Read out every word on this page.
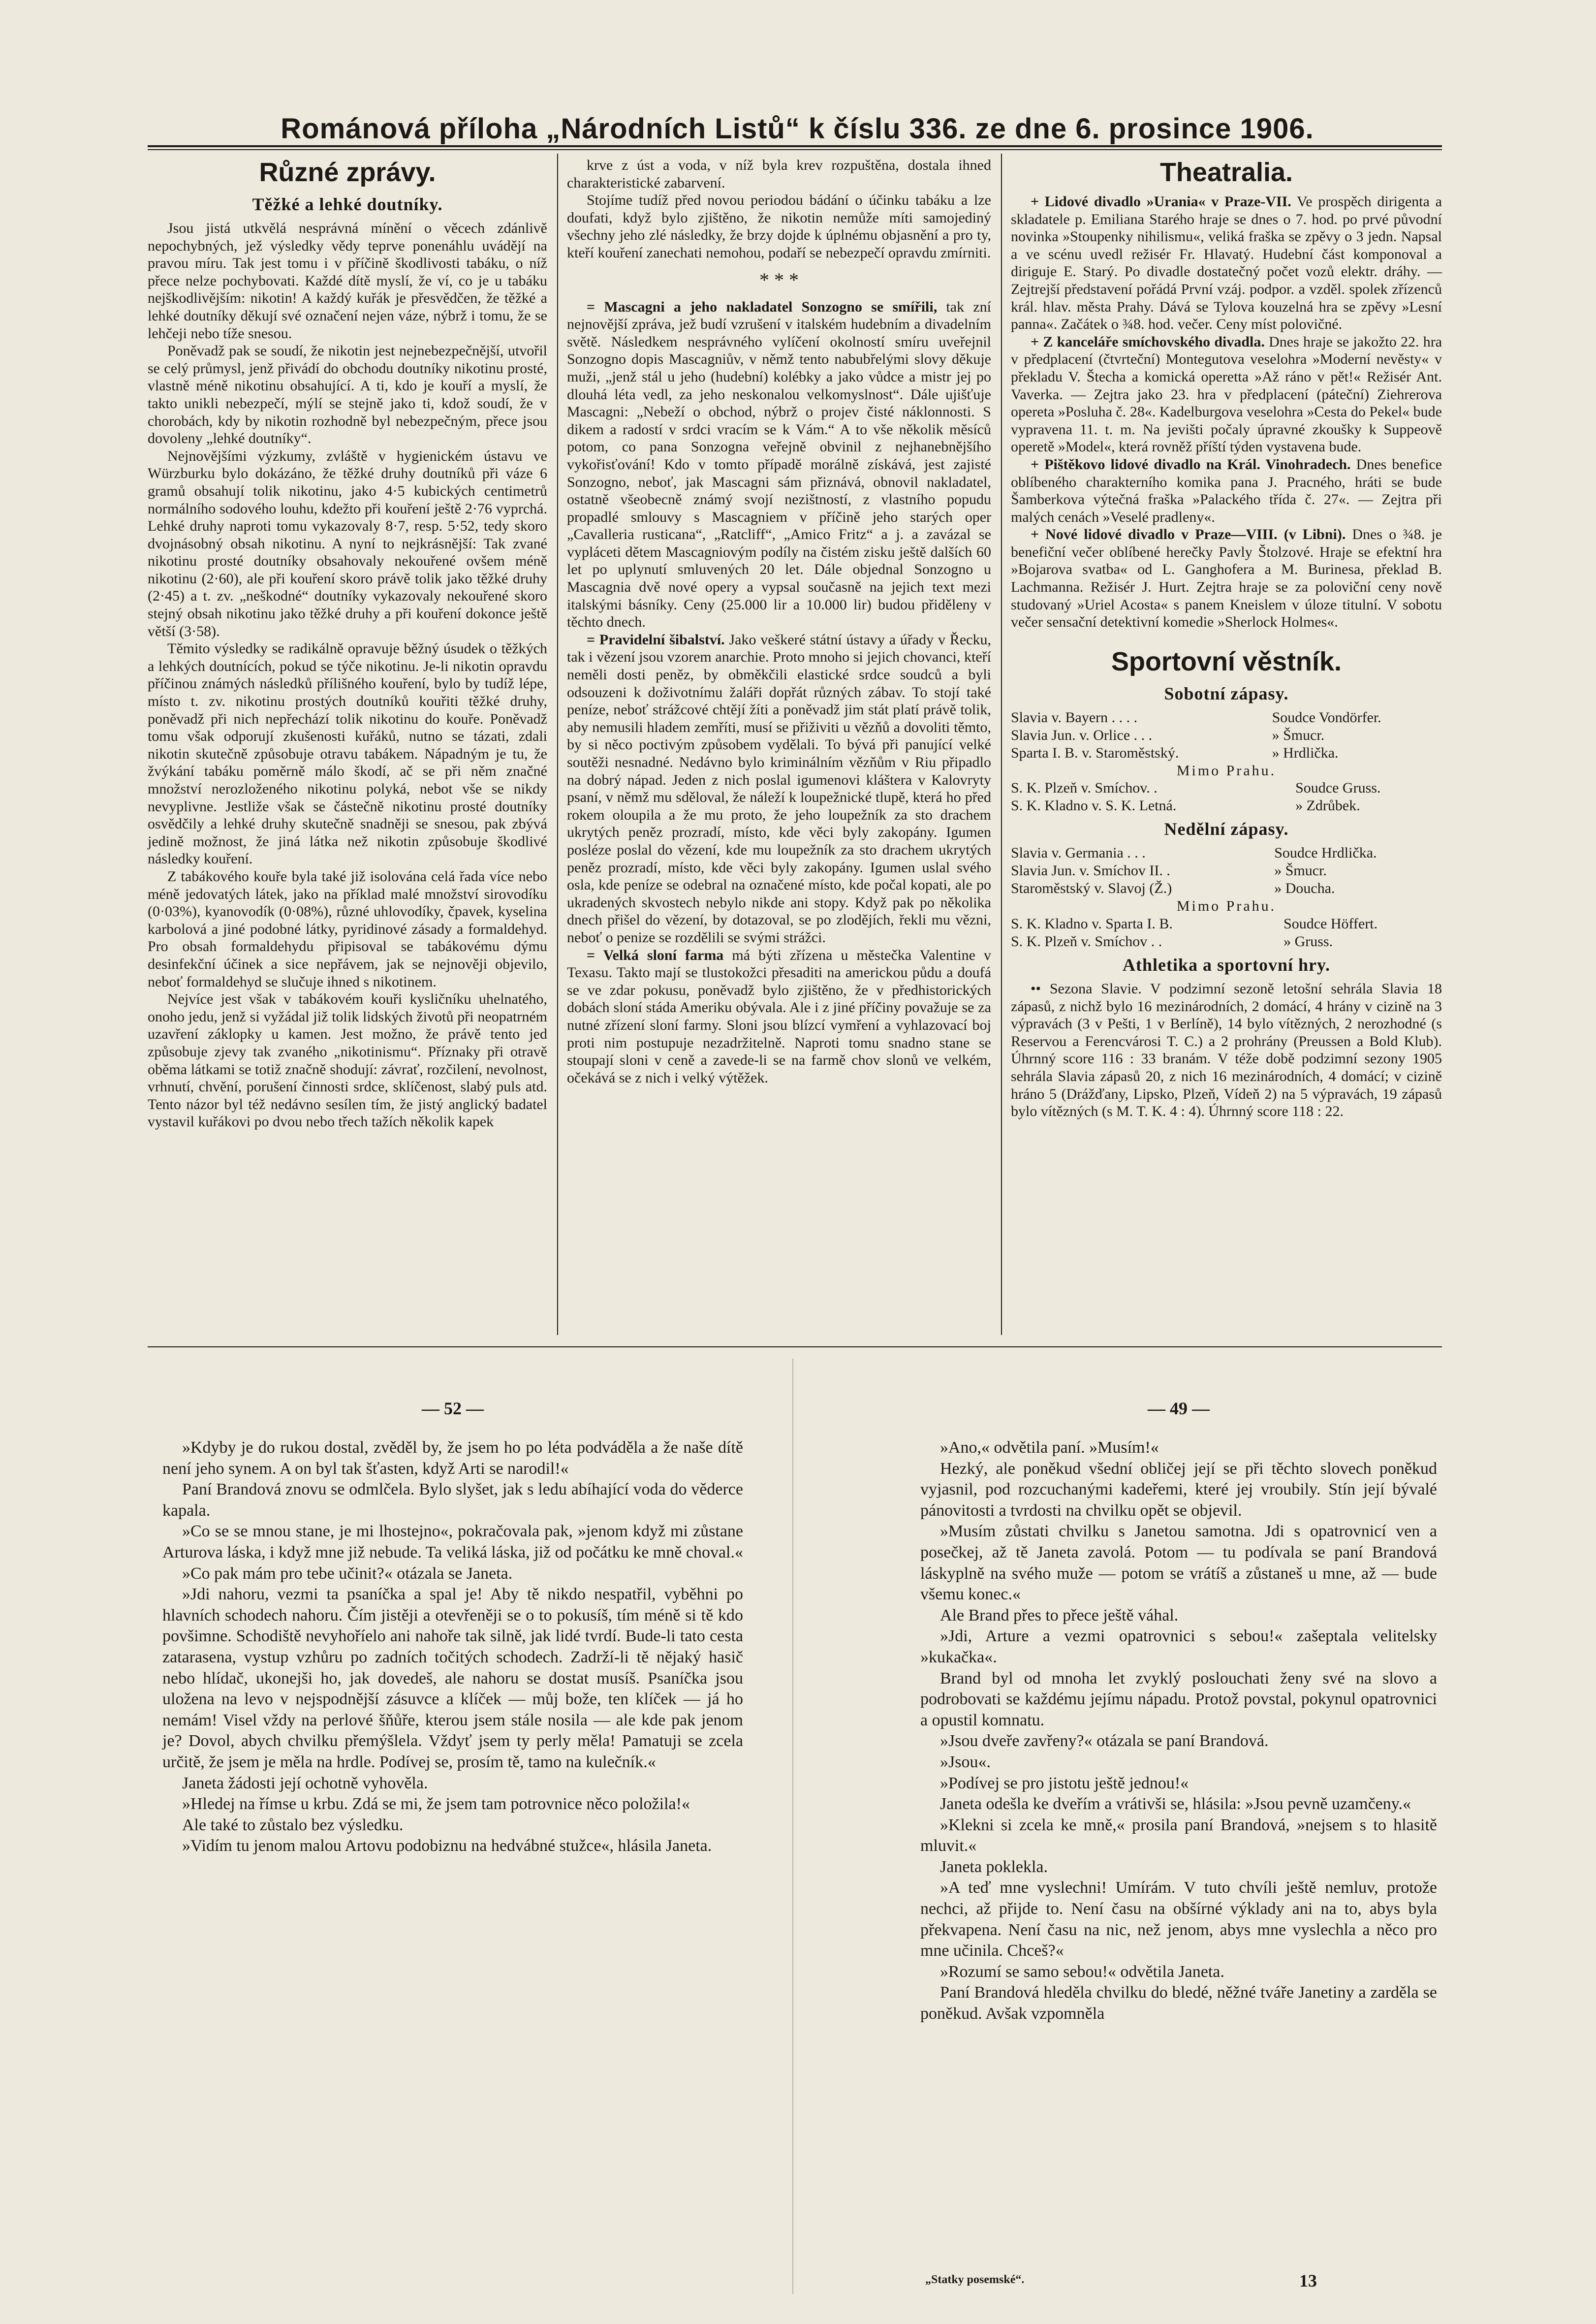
Románová příloha „Národních Listů“ k číslu 336. ze dne 6. prosince 1906.
Různé zprávy.
Těžké a lehké doutníky.

Jsou jistá utkvělá nesprávná mínění o věcech zdánlivě nepochybných, jež výsledky vědy teprve ponenáhlu uvádějí na pravou míru. Tak jest tomu i v příčině škodlivosti tabáku, o níž přece nelze pochybovati. Každé dítě myslí, že ví, co je u tabáku nejškodlivějším: nikotin! A každý kuřák je přesvědčen, že těžké a lehké doutníky děkují své označení nejen váze, nýbrž i tomu, že se lehčeji nebo tíže snesou.

Poněvadž pak se soudí, že nikotin jest nejnebezpečnější, utvořil se celý průmysl, jenž přivádí do obchodu doutníky nikotinu prosté, vlastně méně nikotinu obsahující. A ti, kdo je kouří a myslí, že takto unikli nebezpečí, mýlí se stejně jako ti, kdož soudí, že v chorobách, kdy by nikotin rozhodně byl nebezpečným, přece jsou dovoleny „lehké doutníky“.

Nejnovějšími výzkumy, zvláště v hygienickém ústavu ve Würzburku bylo dokázáno, že těžké druhy doutníků při váze 6 gramů obsahují tolik nikotinu, jako 4·5 kubických centimetrů normálního sodového louhu, kdežto při kouření ještě 2·76 vyprchá. Lehké druhy naproti tomu vykazovaly 8·7, resp. 5·52, tedy skoro dvojnásobný obsah nikotinu. A nyní to nejkrásnější: Tak zvané nikotinu prosté doutníky obsahovaly nekouřené ovšem méně nikotinu (2·60), ale při kouření skoro právě tolik jako těžké druhy (2·45) a t. zv. „neškodné“ doutníky vykazovaly nekouřené skoro stejný obsah nikotinu jako těžké druhy a při kouření dokonce ještě větší (3·58).

Těmito výsledky se radikálně opravuje běžný úsudek o těžkých a lehkých doutnících, pokud se týče nikotinu. Je-li nikotin opravdu příčinou známých následků přílišného kouření, bylo by tudíž lépe, místo t. zv. nikotinu prostých doutníků kouřiti těžké druhy, poněvadž při nich nepřechází tolik nikotinu do kouře. Poněvadž tomu však odporují zkušenosti kuřáků, nutno se tázati, zdali nikotin skutečně způsobuje otravu tabákem. Nápadným je tu, že žvýkání tabáku poměrně málo škodí, ač se při něm značné množství nerozloženého nikotinu polyká, nebot vše se nikdy nevyplivne. Jestliže však se částečně nikotinu prosté doutníky osvědčily a lehké druhy skutečně snadněji se snesou, pak zbývá jedině možnost, že jiná látka než nikotin způsobuje škodlivé následky kouření.

Z tabákového kouře byla také již isolována celá řada více nebo méně jedovatých látek, jako na příklad malé množství sirovodíku (0·03%), kyanovodík (0·08%), různé uhlovodíky, čpavek, kyselina karbolová a jiné podobné látky, pyridinové zásady a formaldehyd. Pro obsah formaldehydu připisoval se tabákovému dýmu desinfekční účinek a sice nepřávem, jak se nejnověji objevilo, neboť formaldehyd se slučuje ihned s nikotinem.

Nejvíce jest však v tabákovém kouři kysličníku uhelnatého, onoho jedu, jenž si vyžádal již tolik lidských životů při neopatrném uzavření záklopky u kamen. Jest možno, že právě tento jed způsobuje zjevy tak zvaného „nikotinismu“. Příznaky při otravě oběma látkami se totiž značně shodují: závrať, rozčilení, nevolnost, vrhnutí, chvění, porušení činnosti srdce, sklíčenost, slabý puls atd. Tento názor byl též nedávno sesílen tím, že jistý anglický badatel vystavil kuřákovi po dvou nebo třech tažích několik kapek

krve z úst a voda, v níž byla krev rozpuštěna, dostala ihned charakteristické zabarvení.

Stojíme tudíž před novou periodou bádání o účinku tabáku a lze doufati, když bylo zjištěno, že nikotin nemůže míti samojediný všechny jeho zlé následky, že brzy dojde k úplnému objasnění a pro ty, kteří kouření zanechati nemohou, podaří se nebezpečí opravdu zmírniti.

* * *

= Mascagni a jeho nakladatel Sonzogno se smířili, tak zní nejnovější zpráva, jež budí vzrušení v italském hudebním a divadelním světě. Následkem nesprávného vylíčení okolností smíru uveřejnil Sonzogno dopis Mascagniův, v němž tento nabubřelými slovy děkuje muži, „jenž stál u jeho (hudební) kolébky a jako vůdce a mistr jej po dlouhá léta vedl, za jeho neskonalou velkomyslnost“. Dále ujišťuje Mascagni: „Nebeží o obchod, nýbrž o projev čisté náklonnosti. S dikem a radostí v srdci vracím se k Vám.“ A to vše několik měsíců potom, co pana Sonzogna veřejně obvinil z nejhanebnějšího vykořisťování! Kdo v tomto případě morálně získává, jest zajisté Sonzogno, neboť, jak Mascagni sám přiznává, obnovil nakladatel, ostatně všeobecně známý svojí nezištností, z vlastního popudu propadlé smlouvy s Mascagniem v příčině jeho starých oper „Cavalleria rusticana“, „Ratcliff“, „Amico Fritz“ a j. a zavázal se vypláceti dětem Mascagniovým podíly na čistém zisku ještě dalších 60 let po uplynutí smluvených 20 let. Dále objednal Sonzogno u Mascagnia dvě nové opery a vypsal současně na jejich text mezi italskými básníky. Ceny (25.000 lir a 10.000 lir) budou přiděleny v těchto dnech.

= Pravidelní šibalství. Jako veškeré státní ústavy a úřady v Řecku, tak i vězení jsou vzorem anarchie. Proto mnoho si jejich chovanci, kteří neměli dosti peněz, by obměkčili elastické srdce soudců a byli odsouzeni k doživotnímu žaláři dopřát různých zábav. To stojí také peníze, neboť strážcové chtějí žíti a poněvadž jim stát platí právě tolik, aby nemusili hladem zemříti, musí se přiživiti u vězňů a dovoliti těmto, by si něco poctivým způsobem vydělali. To bývá při panující velké soutěži nesnadné. Nedávno bylo kriminálním vězňům v Riu připadlo na dobrý nápad. Jeden z nich poslal igumenovi kláštera v Kalovryty psaní, v němž mu sděloval, že náleží k loupežnické tlupě, která ho před rokem oloupila a že mu proto, že jeho loupežník za sto drachem ukrytých peněz prozradí, místo, kde věci byly zakopány. Igumen posléze poslal do vězení, kde mu loupežník za sto drachem ukrytých peněz prozradí, místo, kde věci byly zakopány. Igumen uslal svého osla, kde peníze se odebral na označené místo, kde počal kopati, ale po ukradených skvostech nebylo nikde ani stopy. Když pak po několika dnech přišel do vězení, by dotazoval, se po zlodějích, řekli mu vězni, neboť o penize se rozdělili se svými strážci.

= Velká sloní farma má býti zřízena u městečka Valentine v Texasu. Takto mají se tlustokožci přesaditi na americkou půdu a doufá se ve zdar pokusu, poněvadž bylo zjištěno, že v předhistorických dobách sloní stáda Ameriku obývala. Ale i z jiné příčiny považuje se za nutné zřízení sloní farmy. Sloni jsou blízcí vymření a vyhlazovací boj proti nim postupuje nezadržitelně. Naproti tomu snadno stane se stoupají sloni v ceně a zavede-li se na farmě chov slonů ve velkém, očekává se z nich i velký výtěžek.

Theatralia.

+ Lidové divadlo »Urania« v Praze-VII. Ve prospěch dirigenta a skladatele p. Emiliana Starého hraje se dnes o 7. hod. po prvé původní novinka »Stoupenky nihilismu«, veliká fraška se zpěvy o 3 jedn. Napsal a ve scénu uvedl režisér Fr. Hlavatý. Hudební část komponoval a diriguje E. Starý. Po divadle dostatečný počet vozů elektr. dráhy. — Zejtrejší představení pořádá První vzáj. podpor. a vzděl. spolek zřízenců král. hlav. města Prahy. Dává se Tylova kouzelná hra se zpěvy »Lesní panna«. Začátek o ¾8. hod. večer. Ceny míst polovičné.

+ Z kanceláře smíchovského divadla. Dnes hraje se jakožto 22. hra v předplacení (čtvrteční) Montegutova veselohra »Moderní nevěsty« v překladu V. Štecha a komická operetta »Až ráno v pět!« Režisér Ant. Vaverka. — Zejtra jako 23. hra v předplacení (páteční) Ziehrerova opereta »Posluha č. 28«. Kadelburgova veselohra »Cesta do Pekel« bude vypravena 11. t. m. Na jevišti počaly úpravné zkoušky k Suppeově operetě »Model«, která rovněž příští týden vystavena bude.

+ Pištěkovo lidové divadlo na Král. Vinohradech. Dnes benefice oblíbeného charakterního komika pana J. Pracného, hráti se bude Šamberkova výtečná fraška »Palackého třída č. 27«. — Zejtra při malých cenách »Veselé pradleny«.

+ Nové lidové divadlo v Praze—VIII. (v Libni). Dnes o ¾8. je benefiční večer oblíbené herečky Pavly Štolzové. Hraje se efektní hra »Bojarova svatba« od L. Ganghofera a M. Burinesa, překlad B. Lachmanna. Režisér J. Hurt. Zejtra hraje se za poloviční ceny nově studovaný »Uriel Acosta« s panem Kneislem v úloze titulní. V sobotu večer sensační detektivní komedie »Sherlock Holmes«.

Sportovní věstník.
Sobotní zápasy.
Slavia v. Bayern . . . .	Soudce Vondörfer.
Slavia Jun. v. Orlice . . .	» Šmucr.
Sparta I. B. v. Staroměstský.	» Hrdlička.
Mimo Prahu.
S. K. Plzeň v. Smíchov. .	Soudce Gruss.
S. K. Kladno v. S. K. Letná.	» Zdrůbek.
Nedělní zápasy.
Slavia v. Germania . . .	Soudce Hrdlička.
Slavia Jun. v. Smíchov II. .	» Šmucr.
Staroměstský v. Slavoj (Ž.)	» Doucha.
Mimo Prahu.
S. K. Kladno v. Sparta I. B.	Soudce Höffert.
S. K. Plzeň v. Smíchov . .	» Gruss.
Athletika a sportovní hry.

•• Sezona Slavie. V podzimní sezoně letošní sehrála Slavia 18 zápasů, z nichž bylo 16 mezinárodních, 2 domácí, 4 hrány v cizině na 3 výpravách (3 v Pešti, 1 v Berlíně), 14 bylo vítězných, 2 nerozhodné (s Reservou a Ferencvárosi T. C.) a 2 prohrány (Preussen a Bold Klub). Úhrnný score 116 : 33 branám. V téže době podzimní sezony 1905 sehrála Slavia zápasů 20, z nich 16 mezinárodních, 4 domácí; v cizině hráno 5 (Drážďany, Lipsko, Plzeň, Vídeň 2) na 5 výpravách, 19 zápasů bylo vítězných (s M. T. K. 4 : 4). Úhrnný score 118 : 22.

— 52 —

»Kdyby je do rukou dostal, zvěděl by, že jsem ho po léta podváděla a že naše dítě není jeho synem. A on byl tak šťasten, když Arti se narodil!«

Paní Brandová znovu se odmlčela. Bylo slyšet, jak s ledu abíhající voda do věderce kapala.

»Co se se mnou stane, je mi lhostejno«, pokračovala pak, »jenom když mi zůstane Arturova láska, i když mne již nebude. Ta veliká láska, již od počátku ke mně choval.«

»Co pak mám pro tebe učinit?« otázala se Janeta.

»Jdi nahoru, vezmi ta psaníčka a spal je! Aby tě nikdo nespatřil, vyběhni po hlavních schodech nahoru. Čím jistěji a otevřeněji se o to pokusíš, tím méně si tě kdo povšimne. Schodiště nevyhoříelo ani nahoře tak silně, jak lidé tvrdí. Bude-li tato cesta zatarasena, vystup vzhůru po zadních točitých schodech. Zadrží-li tě nějaký hasič nebo hlídač, ukonejši ho, jak dovedeš, ale nahoru se dostat musíš. Psaníčka jsou uložena na levo v nejspodnější zásuvce a klíček — můj bože, ten klíček — já ho nemám! Visel vždy na perlové šňůře, kterou jsem stále nosila — ale kde pak jenom je? Dovol, abych chvilku přemýšlela. Vždyť jsem ty perly měla! Pamatuji se zcela určitě, že jsem je měla na hrdle. Podívej se, prosím tě, tamo na kulečník.«

Janeta žádosti její ochotně vyhověla.

»Hledej na římse u krbu. Zdá se mi, že jsem tam potrovnice něco položila!«

Ale také to zůstalo bez výsledku.

»Vidím tu jenom malou Artovu podobiznu na hedvábné stužce«, hlásila Janeta.

— 49 —

»Ano,« odvětila paní. »Musím!«

Hezký, ale poněkud všední obličej její se při těchto slovech poněkud vyjasnil, pod rozcuchanými kadeřemi, které jej vroubily. Stín její bývalé pánovitosti a tvrdosti na chvilku opět se objevil.

»Musím zůstati chvilku s Janetou samotna. Jdi s opatrovnicí ven a posečkej, až tě Janeta zavolá. Potom — tu podívala se paní Brandová láskyplně na svého muže — potom se vrátíš a zůstaneš u mne, až — bude všemu konec.«

Ale Brand přes to přece ještě váhal.

»Jdi, Arture a vezmi opatrovnici s sebou!« zašeptala velitelsky »kukačka«.

Brand byl od mnoha let zvyklý poslouchati ženy své na slovo a podrobovati se každému jejímu nápadu. Protož povstal, pokynul opatrovnici a opustil komnatu.

»Jsou dveře zavřeny?« otázala se paní Brandová.

»Jsou«.

»Podívej se pro jistotu ještě jednou!«

Janeta odešla ke dveřím a vrátivši se, hlásila: »Jsou pevně uzamčeny.«

»Klekni si zcela ke mně,« prosila paní Brandová, »nejsem s to hlasitě mluvit.«

Janeta poklekla.

»A teď mne vyslechni! Umírám. V tuto chvíli ještě nemluv, protože nechci, až přijde to. Není času na obšírné výklady ani na to, abys byla překvapena. Není času na nic, než jenom, abys mne vyslechla a něco pro mne učinila. Chceš?«

»Rozumí se samo sebou!« odvětila Janeta.

Paní Brandová hleděla chvilku do bledé, něžné tváře Janetiny a zarděla se poněkud. Avšak vzpomněla

„Statky posemské“.	13
